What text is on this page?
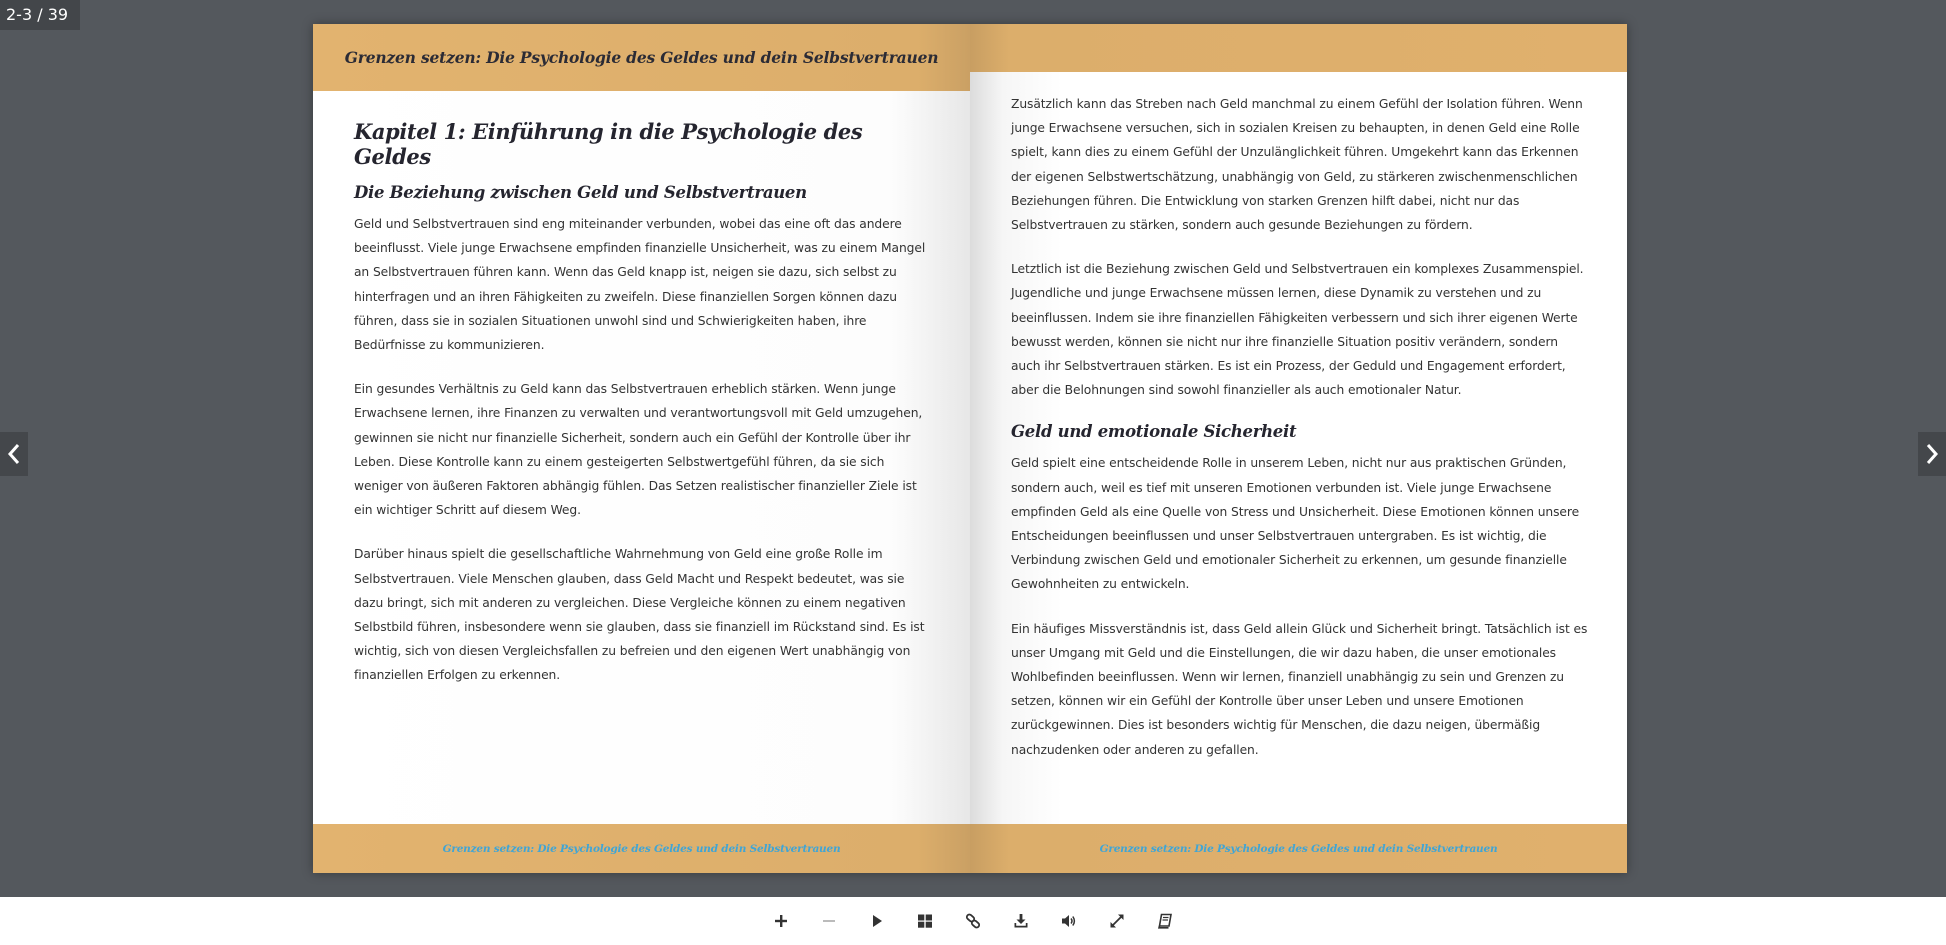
2-3 / 39
Grenzen setzen: Die Psychologie des Geldes und dein Selbstvertrauen
Kapitel 1: Einführung in die Psychologie des Geldes
Die Beziehung zwischen Geld und Selbstvertrauen

Geld und Selbstvertrauen sind eng miteinander verbunden, wobei das eine oft das andere beeinflusst. Viele junge Erwachsene empfinden finanzielle Unsicherheit, was zu einem Mangel an Selbstvertrauen führen kann. Wenn das Geld knapp ist, neigen sie dazu, sich selbst zu hinterfragen und an ihren Fähigkeiten zu zweifeln. Diese finanziellen Sorgen können dazu führen, dass sie in sozialen Situationen unwohl sind und Schwierigkeiten haben, ihre Bedürfnisse zu kommunizieren.

Ein gesundes Verhältnis zu Geld kann das Selbstvertrauen erheblich stärken. Wenn junge Erwachsene lernen, ihre Finanzen zu verwalten und verantwortungsvoll mit Geld umzugehen, gewinnen sie nicht nur finanzielle Sicherheit, sondern auch ein Gefühl der Kontrolle über ihr Leben. Diese Kontrolle kann zu einem gesteigerten Selbstwertgefühl führen, da sie sich weniger von äußeren Faktoren abhängig fühlen. Das Setzen realistischer finanzieller Ziele ist ein wichtiger Schritt auf diesem Weg.

Darüber hinaus spielt die gesellschaftliche Wahrnehmung von Geld eine große Rolle im Selbstvertrauen. Viele Menschen glauben, dass Geld Macht und Respekt bedeutet, was sie dazu bringt, sich mit anderen zu vergleichen. Diese Vergleiche können zu einem negativen Selbstbild führen, insbesondere wenn sie glauben, dass sie finanziell im Rückstand sind. Es ist wichtig, sich von diesen Vergleichsfallen zu befreien und den eigenen Wert unabhängig von finanziellen Erfolgen zu erkennen.

Grenzen setzen: Die Psychologie des Geldes und dein Selbstvertrauen

Zusätzlich kann das Streben nach Geld manchmal zu einem Gefühl der Isolation führen. Wenn junge Erwachsene versuchen, sich in sozialen Kreisen zu behaupten, in denen Geld eine Rolle spielt, kann dies zu einem Gefühl der Unzulänglichkeit führen. Umgekehrt kann das Erkennen der eigenen Selbstwertschätzung, unabhängig von Geld, zu stärkeren zwischenmenschlichen Beziehungen führen. Die Entwicklung von starken Grenzen hilft dabei, nicht nur das Selbstvertrauen zu stärken, sondern auch gesunde Beziehungen zu fördern.

Letztlich ist die Beziehung zwischen Geld und Selbstvertrauen ein komplexes Zusammenspiel. Jugendliche und junge Erwachsene müssen lernen, diese Dynamik zu verstehen und zu beeinflussen. Indem sie ihre finanziellen Fähigkeiten verbessern und sich ihrer eigenen Werte bewusst werden, können sie nicht nur ihre finanzielle Situation positiv verändern, sondern auch ihr Selbstvertrauen stärken. Es ist ein Prozess, der Geduld und Engagement erfordert, aber die Belohnungen sind sowohl finanzieller als auch emotionaler Natur.

Geld und emotionale Sicherheit

Geld spielt eine entscheidende Rolle in unserem Leben, nicht nur aus praktischen Gründen, sondern auch, weil es tief mit unseren Emotionen verbunden ist. Viele junge Erwachsene empfinden Geld als eine Quelle von Stress und Unsicherheit. Diese Emotionen können unsere Entscheidungen beeinflussen und unser Selbstvertrauen untergraben. Es ist wichtig, die Verbindung zwischen Geld und emotionaler Sicherheit zu erkennen, um gesunde finanzielle Gewohnheiten zu entwickeln.

Ein häufiges Missverständnis ist, dass Geld allein Glück und Sicherheit bringt. Tatsächlich ist es unser Umgang mit Geld und die Einstellungen, die wir dazu haben, die unser emotionales Wohlbefinden beeinflussen. Wenn wir lernen, finanziell unabhängig zu sein und Grenzen zu setzen, können wir ein Gefühl der Kontrolle über unser Leben und unsere Emotionen zurückgewinnen. Dies ist besonders wichtig für Menschen, die dazu neigen, übermäßig nachzudenken oder anderen zu gefallen.

Grenzen setzen: Die Psychologie des Geldes und dein Selbstvertrauen
